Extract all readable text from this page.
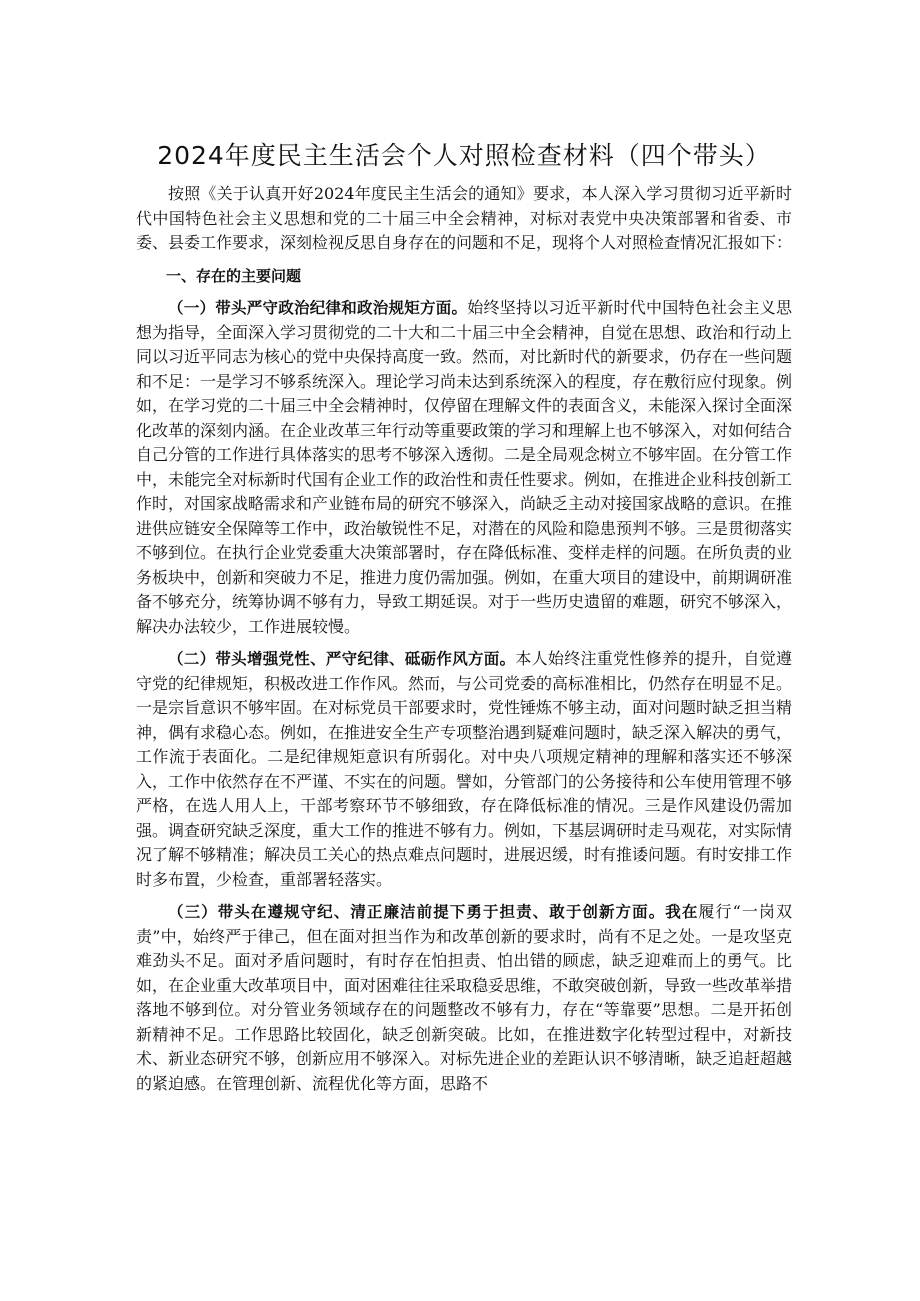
2024年度民主生活会个人对照检查材料（四个带头）

按照《关于认真开好2024年度民主生活会的通知》要求，本人深入学习贯彻习近平新时代中国特色社会主义思想和党的二十届三中全会精神，对标对表党中央决策部署和省委、市委、县委工作要求，深刻检视反思自身存在的问题和不足，现将个人对照检查情况汇报如下：

一、存在的主要问题

（一）带头严守政治纪律和政治规矩方面。始终坚持以习近平新时代中国特色社会主义思想为指导，全面深入学习贯彻党的二十大和二十届三中全会精神，自觉在思想、政治和行动上同以习近平同志为核心的党中央保持高度一致。然而，对比新时代的新要求，仍存在一些问题和不足：一是学习不够系统深入。理论学习尚未达到系统深入的程度，存在敷衍应付现象。例如，在学习党的二十届三中全会精神时，仅停留在理解文件的表面含义，未能深入探讨全面深化改革的深刻内涵。在企业改革三年行动等重要政策的学习和理解上也不够深入，对如何结合自己分管的工作进行具体落实的思考不够深入透彻。二是全局观念树立不够牢固。在分管工作中，未能完全对标新时代国有企业工作的政治性和责任性要求。例如，在推进企业科技创新工作时，对国家战略需求和产业链布局的研究不够深入，尚缺乏主动对接国家战略的意识。在推进供应链安全保障等工作中，政治敏锐性不足，对潜在的风险和隐患预判不够。三是贯彻落实不够到位。在执行企业党委重大决策部署时，存在降低标准、变样走样的问题。在所负责的业务板块中，创新和突破力不足，推进力度仍需加强。例如，在重大项目的建设中，前期调研准备不够充分，统筹协调不够有力，导致工期延误。对于一些历史遗留的难题，研究不够深入，解决办法较少，工作进展较慢。

（二）带头增强党性、严守纪律、砥砺作风方面。本人始终注重党性修养的提升，自觉遵守党的纪律规矩，积极改进工作作风。然而，与公司党委的高标准相比，仍然存在明显不足。一是宗旨意识不够牢固。在对标党员干部要求时，党性锤炼不够主动，面对问题时缺乏担当精神，偶有求稳心态。例如，在推进安全生产专项整治遇到疑难问题时，缺乏深入解决的勇气，工作流于表面化。二是纪律规矩意识有所弱化。对中央八项规定精神的理解和落实还不够深入，工作中依然存在不严谨、不实在的问题。譬如，分管部门的公务接待和公车使用管理不够严格，在选人用人上，干部考察环节不够细致，存在降低标准的情况。三是作风建设仍需加强。调查研究缺乏深度，重大工作的推进不够有力。例如，下基层调研时走马观花，对实际情况了解不够精准；解决员工关心的热点难点问题时，进展迟缓，时有推诿问题。有时安排工作时多布置，少检查，重部署轻落实。

（三）带头在遵规守纪、清正廉洁前提下勇于担责、敢于创新方面。我在履行“一岗双责”中，始终严于律己，但在面对担当作为和改革创新的要求时，尚有不足之处。一是攻坚克难劲头不足。面对矛盾问题时，有时存在怕担责、怕出错的顾虑，缺乏迎难而上的勇气。比如，在企业重大改革项目中，面对困难往往采取稳妥思维，不敢突破创新，导致一些改革举措落地不够到位。对分管业务领域存在的问题整改不够有力，存在“等靠要”思想。二是开拓创新精神不足。工作思路比较固化，缺乏创新突破。比如，在推进数字化转型过程中，对新技术、新业态研究不够，创新应用不够深入。对标先进企业的差距认识不够清晰，缺乏追赶超越的紧迫感。在管理创新、流程优化等方面，思路不
